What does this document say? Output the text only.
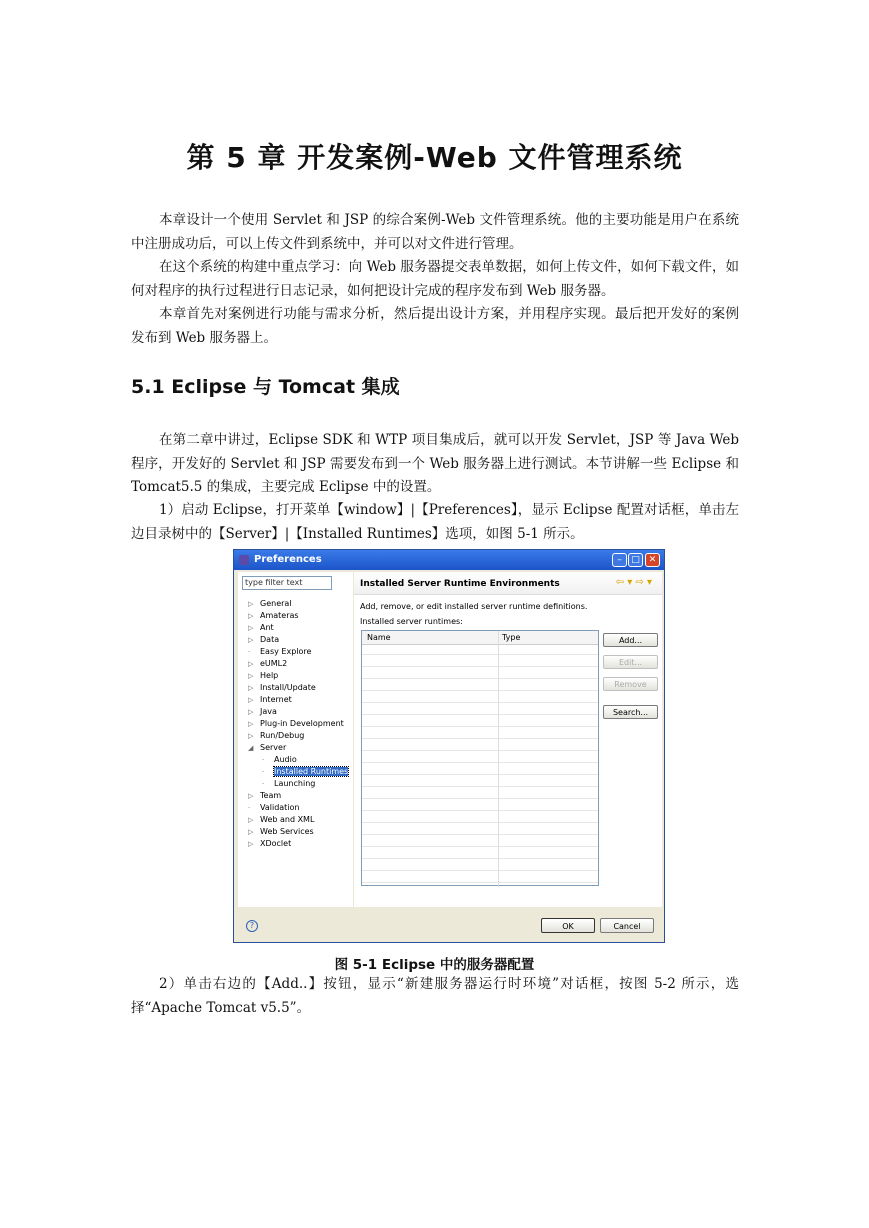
第 5 章 开发案例-Web 文件管理系统

本章设计一个使用 Servlet 和 JSP 的综合案例-Web 文件管理系统。他的主要功能是用户在系统中注册成功后，可以上传文件到系统中，并可以对文件进行管理。

在这个系统的构建中重点学习：向 Web 服务器提交表单数据，如何上传文件，如何下载文件，如何对程序的执行过程进行日志记录，如何把设计完成的程序发布到 Web 服务器。

本章首先对案例进行功能与需求分析，然后提出设计方案，并用程序实现。最后把开发好的案例发布到 Web 服务器上。

5.1 Eclipse 与 Tomcat 集成

在第二章中讲过，Eclipse SDK 和 WTP 项目集成后，就可以开发 Servlet，JSP 等 Java Web 程序，开发好的 Servlet 和 JSP 需要发布到一个 Web 服务器上进行测试。本节讲解一些 Eclipse 和 Tomcat5.5 的集成，主要完成 Eclipse 中的设置。

1）启动 Eclipse，打开菜单【window】|【Preferences】，显示 Eclipse 配置对话框，单击左边目录树中的【Server】|【Installed Runtimes】选项，如图 5-1 所示。

Preferences	–	□ ✕
type filter text
▷ General
▷ Amateras
▷ Ant
▷ Data
· Easy Explore
▷ eUML2
▷ Help
▷ Install/Update
▷ Internet
▷ Java
▷ Plug-in Development
▷ Run/Debug
◢ Server
· Audio
· Installed Runtimes
· Launching
▷ Team
· Validation
▷ Web and XML
▷ Web Services
▷ XDoclet
Installed Server Runtime Environments	⇦ ▾ ⇨ ▾
Add, remove, or edit installed server runtime definitions.
Installed server runtimes:
Name	Type	Add...
Edit...
Remove
Search...
?	OK	Cancel
图 5-1 Eclipse 中的服务器配置

2）单击右边的【Add..】按钮，显示“新建服务器运行时环境”对话框，按图 5-2 所示，选择“Apache Tomcat v5.5”。
